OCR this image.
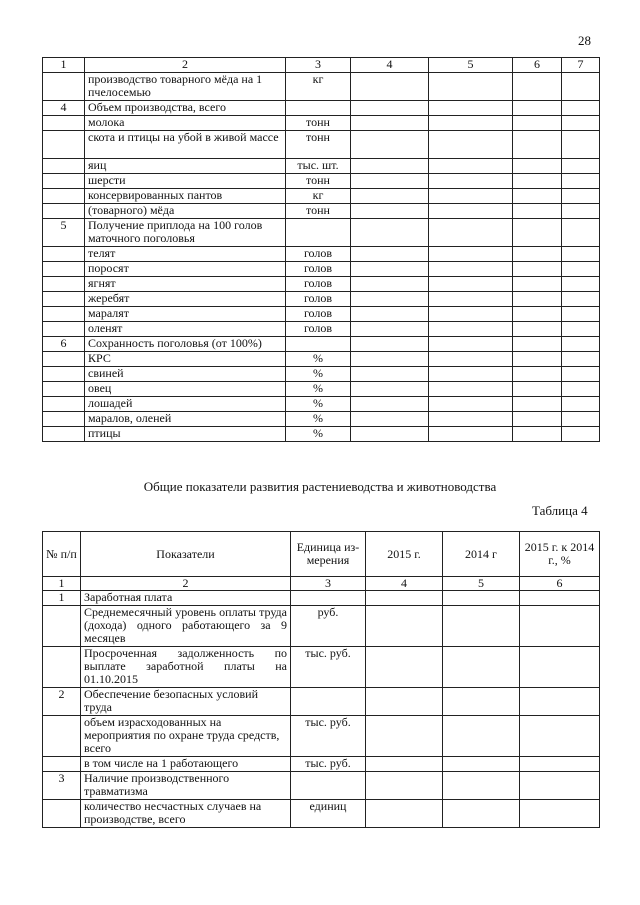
28
1	2	3	4	5	6	7
	производство товарного мёда на 1 пчелосемью	кг				
4	Объем производства, всего					
	молока	тонн				
	скота и птицы на убой в живой массе	тонн				
	яиц	тыс. шт.				
	шерсти	тонн				
	консервированных пантов	кг				
	(товарного) мёда	тонн				
5	Получение приплода на 100 голов маточного поголовья					
	телят	голов				
	поросят	голов				
	ягнят	голов				
	жеребят	голов				
	маралят	голов				
	оленят	голов				
6	Сохранность поголовья (от 100%)					
	КРС	%				
	свиней	%				
	овец	%				
	лошадей	%				
	маралов, оленей	%				
	птицы	%				
Общие показатели развития растениеводства и животноводства
Таблица 4
№ п/п	Показатели	Единица из-мерения	2015 г.	2014 г	2015 г. к 2014 г., %
1	2	3	4	5	6
1	Заработная плата				
	Среднемесячный уровень оплаты труда (дохода) одного работающего за 9 месяцев	руб.			
	Просроченная задолженность по выплате заработной платы на 01.10.2015	тыс. руб.			
2	Обеспечение безопасных условий труда				
	объем израсходованных на мероприятия по охране труда средств, всего	тыс. руб.			
	в том числе на 1 работающего	тыс. руб.			
3	Наличие производственного травматизма				
	количество несчастных случаев на производстве, всего	единиц			
